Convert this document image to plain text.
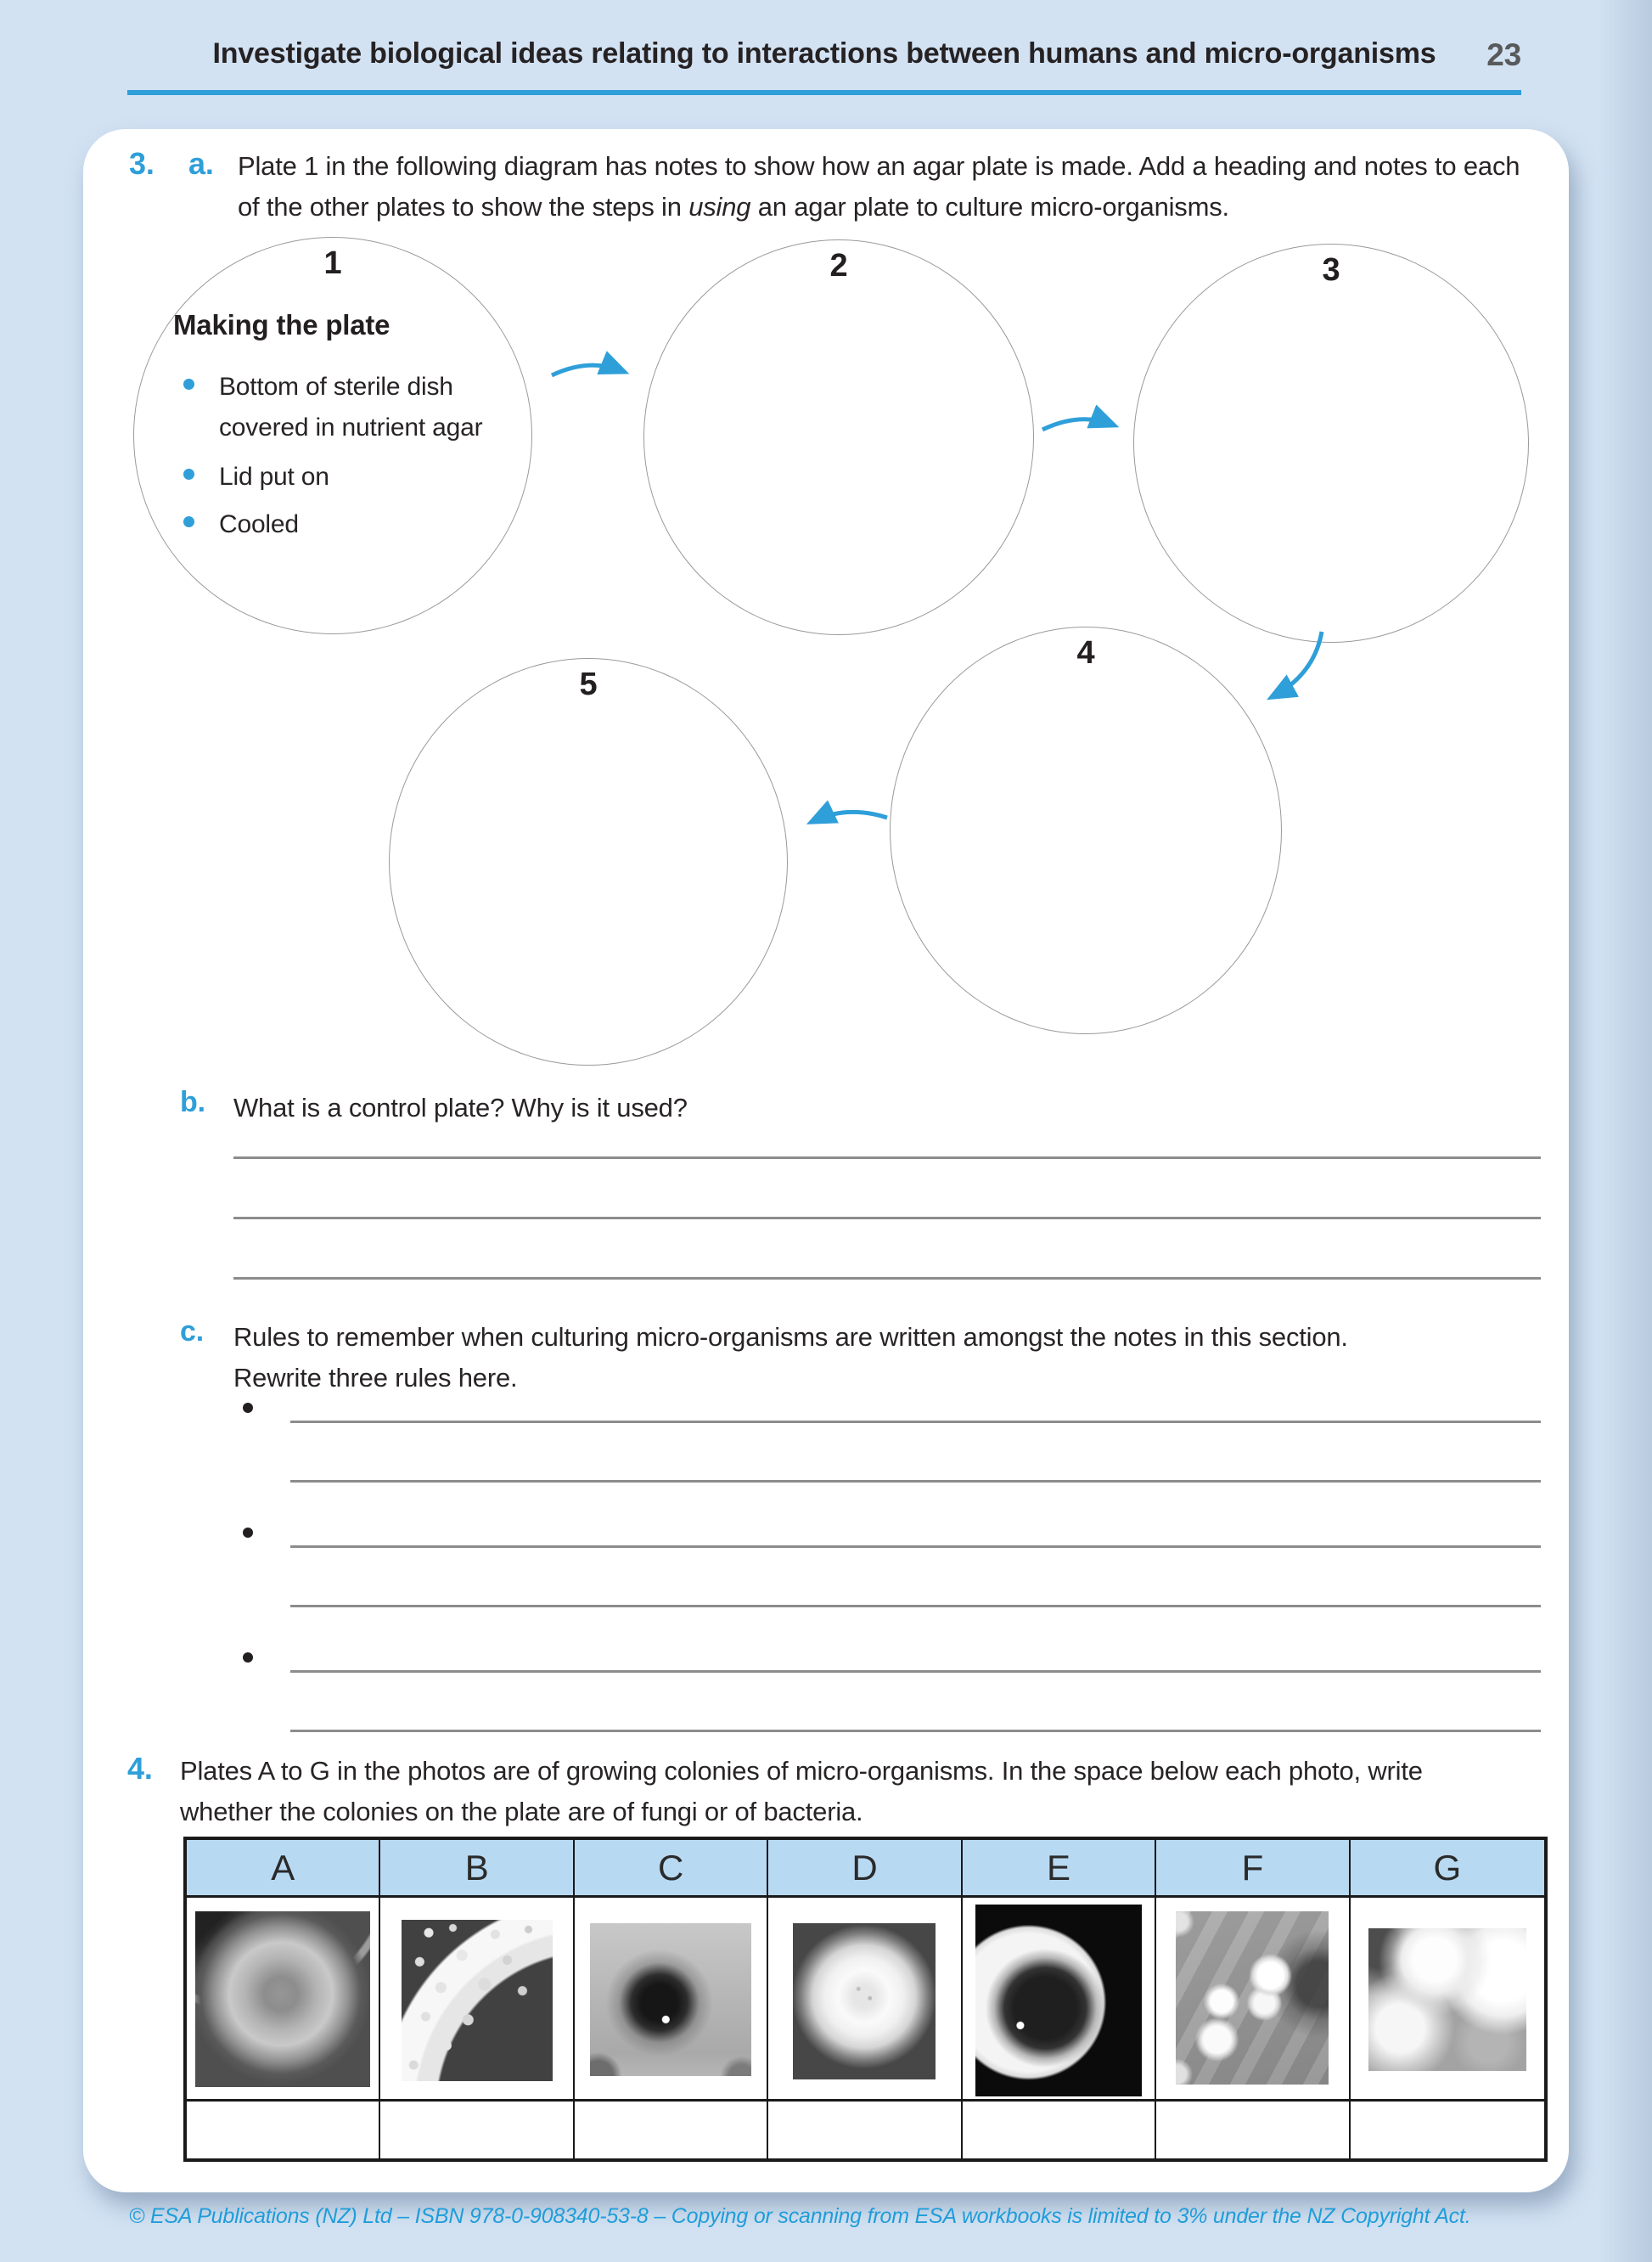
Investigate biological ideas relating to interactions between humans and micro-organisms	23
3. a. Plate 1 in the following diagram has notes to show how an agar plate is made. Add a heading and notes to each of the other plates to show the steps in using an agar plate to culture micro-organisms.
1
Making the plate
Bottom of sterile dish covered in nutrient agar
Lid put on
Cooled
2	3
4
5
b. What is a control plate? Why is it used?
c. Rules to remember when culturing micro-organisms are written amongst the notes in this section.
Rewrite three rules here.
4. Plates A to G in the photos are of growing colonies of micro-organisms. In the space below each photo, write
whether the colonies on the plate are of fungi or of bacteria.
A	B	C	D	E	F	G
© ESA Publications (NZ) Ltd – ISBN 978-0-908340-53-8 – Copying or scanning from ESA workbooks is limited to 3% under the NZ Copyright Act.
